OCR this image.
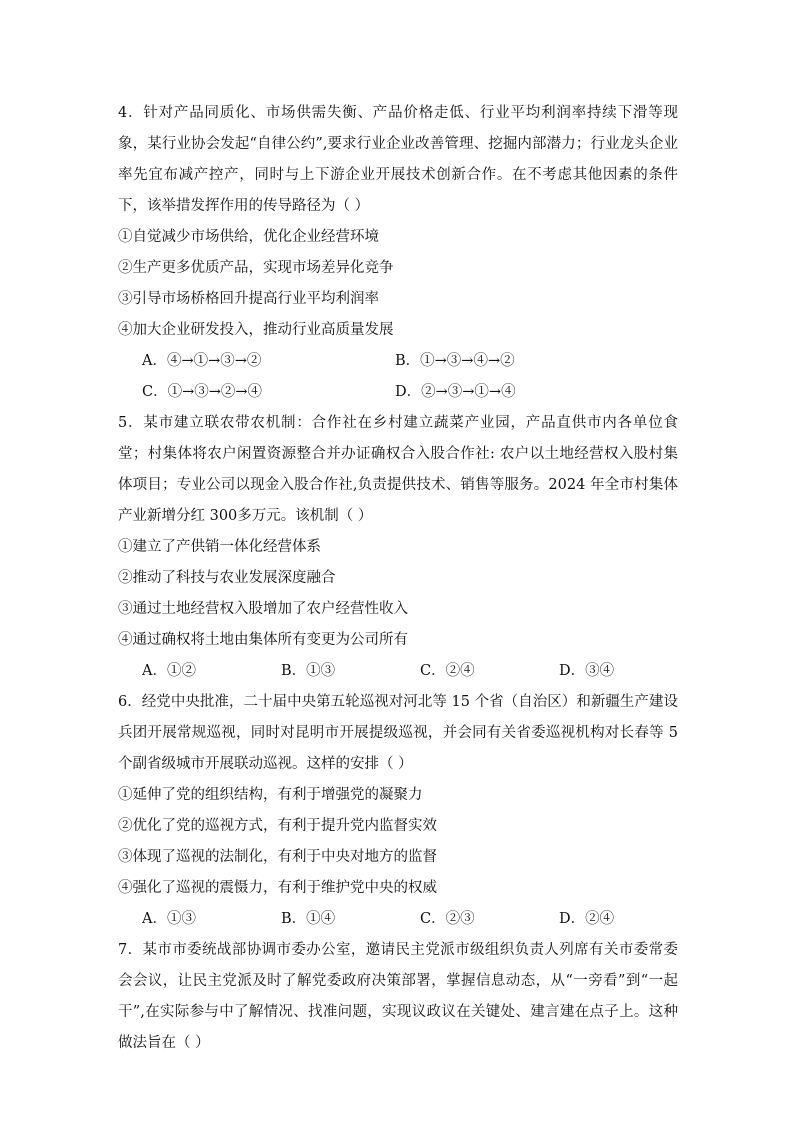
4．针对产品同质化、市场供需失衡、产品价格走低、行业平均利润率持续下滑等现象，某行业协会发起“自律公约”,要求行业企业改善管理、挖掘内部潜力；行业龙头企业率先宜布减产控产，同时与上下游企业开展技术创新合作。在不考虑其他因素的条件下，该举措发挥作用的传导路径为（ ）

①自觉减少市场供给，优化企业经营环境

②生产更多优质产品，实现市场差异化竞争

③引导市场桥格回升提高行业平均利润率

④加大企业研发投入，推动行业高质量发展

A．④→①→③→②	B．①→③→④→②
C．①→③→②→④	D．②→③→①→④

5．某市建立联农带农机制：合作社在乡村建立蔬菜产业园，产品直供市内各单位食堂；村集体将农户闲置资源整合并办证确权合入股合作社: 农户以土地经营权入股村集体项目；专业公司以现金入股合作社,负责提供技术、销售等服务。2024 年全市村集体产业新增分红 300多万元。该机制（ ）

①建立了产供销一体化经营体系

②推动了科技与农业发展深度融合

③通过土地经营权入股增加了农户经营性收入

④通过确权将土地由集体所有变更为公司所有

A．①②	B．①③	C．②④	D．③④

6．经党中央批准，二十届中央第五轮巡视对河北等 15 个省（自治区）和新疆生产建设兵团开展常规巡视，同时对昆明市开展提级巡视，并会同有关省委巡视机构对长春等 5 个副省级城市开展联动巡视。这样的安排（ ）

①延伸了党的组织结构，有利于增强党的凝聚力

②优化了党的巡视方式，有利于提升党内监督实效

③体现了巡视的法制化，有利于中央对地方的监督

④强化了巡视的震慑力，有利于维护党中央的权威

A．①③	B．①④	C．②③	D．②④

7．某市市委统战部协调市委办公室，邀请民主党派市级组织负责人列席有关市委常委会会议，让民主党派及时了解党委政府决策部署，掌握信息动态，从“一旁看”到“一起干”,在实际参与中了解情况、找准问题，实现议政议在关键处、建言建在点子上。这种做法旨在（ ）
